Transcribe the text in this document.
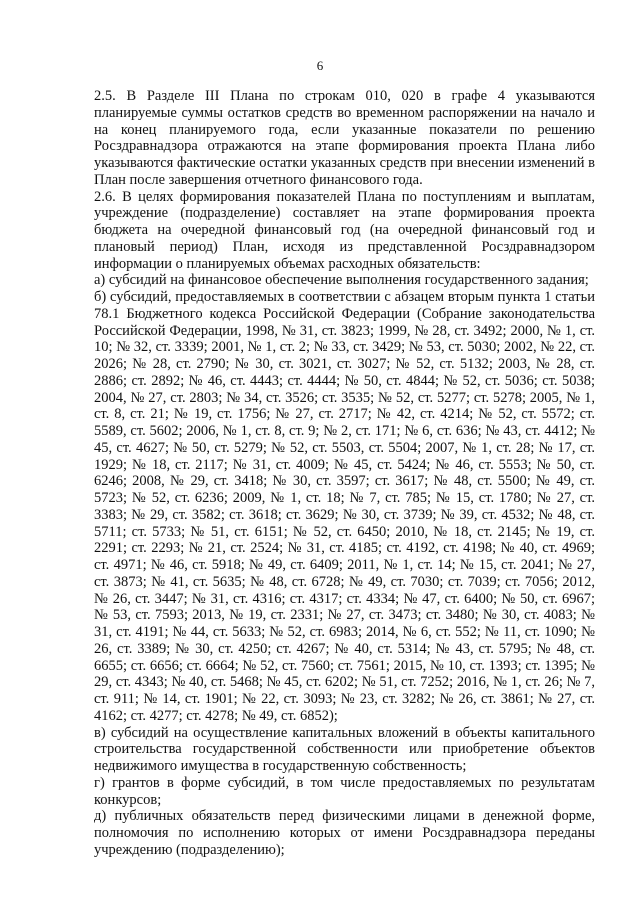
6

2.5. В Разделе III Плана по строкам 010, 020 в графе 4 указываются планируемые суммы остатков средств во временном распоряжении на начало и на конец планируемого года, если указанные показатели по решению Росздравнадзора отражаются на этапе формирования проекта Плана либо указываются фактические остатки указанных средств при внесении изменений в План после завершения отчетного финансового года.

2.6. В целях формирования показателей Плана по поступлениям и выплатам, учреждение (подразделение) составляет на этапе формирования проекта бюджета на очередной финансовый год (на очередной финансовый год и плановый период) План, исходя из представленной Росздравнадзором информации о планируемых объемах расходных обязательств:

а) субсидий на финансовое обеспечение выполнения государственного задания;

б) субсидий, предоставляемых в соответствии с абзацем вторым пункта 1 статьи 78.1 Бюджетного кодекса Российской Федерации (Собрание законодательства Российской Федерации, 1998, № 31, ст. 3823; 1999, № 28, ст. 3492; 2000, № 1, ст. 10; № 32, ст. 3339; 2001, № 1, ст. 2; № 33, ст. 3429; № 53, ст. 5030; 2002, № 22, ст. 2026; № 28, ст. 2790; № 30, ст. 3021, ст. 3027; № 52, ст. 5132; 2003, № 28, ст. 2886; ст. 2892; № 46, ст. 4443; ст. 4444; № 50, ст. 4844; № 52, ст. 5036; ст. 5038; 2004, № 27, ст. 2803; № 34, ст. 3526; ст. 3535; № 52, ст. 5277; ст. 5278; 2005, № 1, ст. 8, ст. 21; № 19, ст. 1756; № 27, ст. 2717; № 42, ст. 4214; № 52, ст. 5572; ст. 5589, ст. 5602; 2006, № 1, ст. 8, ст. 9; № 2, ст. 171; № 6, ст. 636; № 43, ст. 4412; № 45, ст. 4627; № 50, ст. 5279; № 52, ст. 5503, ст. 5504; 2007, № 1, ст. 28; № 17, ст. 1929; № 18, ст. 2117; № 31, ст. 4009; № 45, ст. 5424; № 46, ст. 5553; № 50, ст. 6246; 2008, № 29, ст. 3418; № 30, ст. 3597; ст. 3617; № 48, ст. 5500; № 49, ст. 5723; № 52, ст. 6236; 2009, № 1, ст. 18; № 7, ст. 785; № 15, ст. 1780; № 27, ст. 3383; № 29, ст. 3582; ст. 3618; ст. 3629; № 30, ст. 3739; № 39, ст. 4532; № 48, ст. 5711; ст. 5733; № 51, ст. 6151; № 52, ст. 6450; 2010, № 18, ст. 2145; № 19, ст. 2291; ст. 2293; № 21, ст. 2524; № 31, ст. 4185; ст. 4192, ст. 4198; № 40, ст. 4969; ст. 4971; № 46, ст. 5918; № 49, ст. 6409; 2011, № 1, ст. 14; № 15, ст. 2041; № 27, ст. 3873; № 41, ст. 5635; № 48, ст. 6728; № 49, ст. 7030; ст. 7039; ст. 7056; 2012, № 26, ст. 3447; № 31, ст. 4316; ст. 4317; ст. 4334; № 47, ст. 6400; № 50, ст. 6967; № 53, ст. 7593; 2013, № 19, ст. 2331; № 27, ст. 3473; ст. 3480; № 30, ст. 4083; № 31, ст. 4191; № 44, ст. 5633; № 52, ст. 6983; 2014, № 6, ст. 552; № 11, ст. 1090; № 26, ст. 3389; № 30, ст. 4250; ст. 4267; № 40, ст. 5314; № 43, ст. 5795; № 48, ст. 6655; ст. 6656; ст. 6664; № 52, ст. 7560; ст. 7561; 2015, № 10, ст. 1393; ст. 1395; № 29, ст. 4343; № 40, ст. 5468; № 45, ст. 6202; № 51, ст. 7252; 2016, № 1, ст. 26; № 7, ст. 911; № 14, ст. 1901; № 22, ст. 3093; № 23, ст. 3282; № 26, ст. 3861; № 27, ст. 4162; ст. 4277; ст. 4278; № 49, ст. 6852);

в) субсидий на осуществление капитальных вложений в объекты капитального строительства государственной собственности или приобретение объектов недвижимого имущества в государственную собственность;

г) грантов в форме субсидий, в том числе предоставляемых по результатам конкурсов;

д) публичных обязательств перед физическими лицами в денежной форме, полномочия по исполнению которых от имени Росздравнадзора переданы учреждению (подразделению);
